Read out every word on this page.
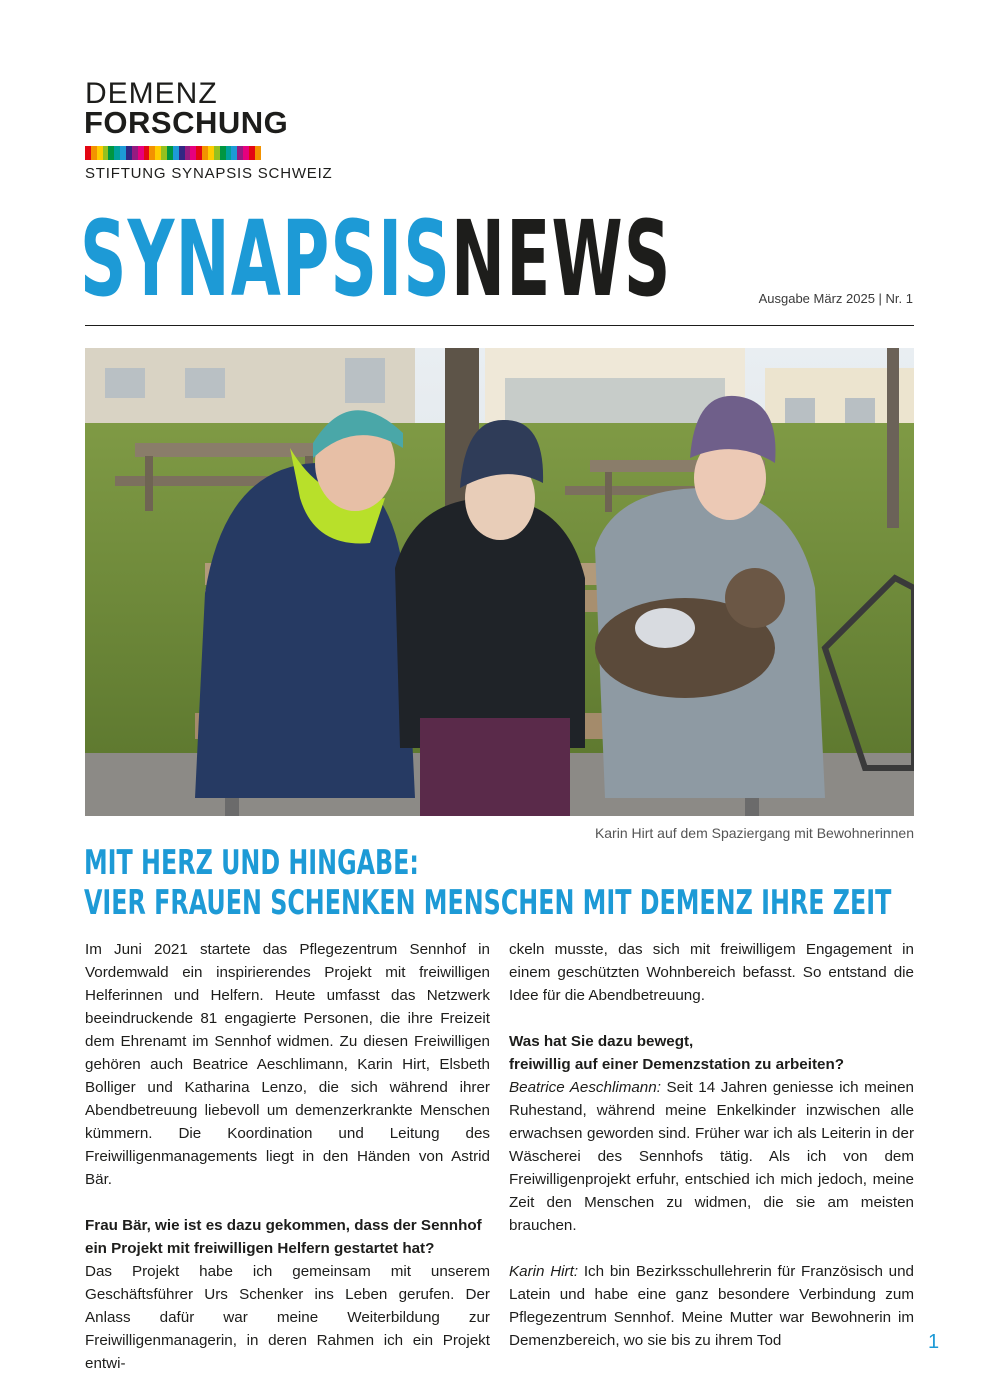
DEMENZ
FORSCHUNG
STIFTUNG SYNAPSIS SCHWEIZ
SYNAPSISNEWS	Ausgabe März 2025 | Nr. 1
Karin Hirt auf dem Spaziergang mit Bewohnerinnen
MIT HERZ UND HINGABE:
VIER FRAUEN SCHENKEN MENSCHEN MIT DEMENZ IHRE ZEIT

Im Juni 2021 startete das Pflegezentrum Sennhof in Vordemwald ein inspirierendes Projekt mit freiwilligen Helferinnen und Helfern. Heute umfasst das Netzwerk beeindruckende 81 engagierte Personen, die ihre Freizeit dem Ehrenamt im Sennhof widmen. Zu diesen Freiwilligen gehören auch Beatrice Aeschlimann, Karin Hirt, Elsbeth Bolliger und Katharina Lenzo, die sich während ihrer Abendbetreuung liebevoll um demenzerkrankte Menschen kümmern. Die Koordination und Leitung des Freiwilligenmanagements liegt in den Händen von Astrid Bär.

Frau Bär, wie ist es dazu gekommen, dass der Sennhof ein Projekt mit freiwilligen Helfern gestartet hat?

Das Projekt habe ich gemeinsam mit unserem Geschäftsführer Urs Schenker ins Leben gerufen. Der Anlass dafür war meine Weiterbildung zur Freiwilligenmanagerin, in deren Rahmen ich ein Projekt entwi-

ckeln musste, das sich mit freiwilligem Engagement in einem geschützten Wohnbereich befasst. So entstand die Idee für die Abendbetreuung.

Was hat Sie dazu bewegt,

freiwillig auf einer Demenzstation zu arbeiten?

Beatrice Aeschlimann: Seit 14 Jahren geniesse ich meinen Ruhestand, während meine Enkelkinder inzwischen alle erwachsen geworden sind. Früher war ich als Leiterin in der Wäscherei des Sennhofs tätig. Als ich von dem Freiwilligenprojekt erfuhr, entschied ich mich jedoch, meine Zeit den Menschen zu widmen, die sie am meisten brauchen.

Karin Hirt: Ich bin Bezirksschullehrerin für Französisch und Latein und habe eine ganz besondere Verbindung zum Pflegezentrum Sennhof. Meine Mutter war Bewohnerin im Demenzbereich, wo sie bis zu ihrem Tod	1
